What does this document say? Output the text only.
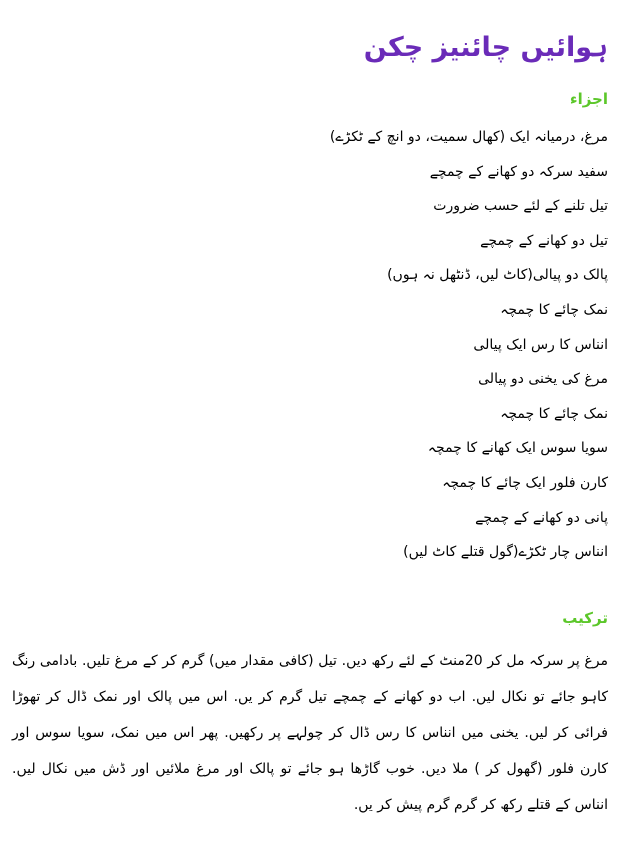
ہوائیں چائنیز چکن
اجزاء
مرغ، درمیانہ ایک (کھال سمیت، دو انچ کے ٹکڑے)
سفید سرکہ دو کھانے کے چمچے
تیل تلنے کے لئے حسب ضرورت
تیل دو کھانے کے چمچے
پالک دو پیالی(کاٹ لیں، ڈنٹھل نہ ہوں)
نمک چائے کا چمچہ
انناس کا رس ایک پیالی
مرغ کی یخنی دو پیالی
نمک چائے کا چمچہ
سویا سوس ایک کھانے کا چمچہ
کارن فلور ایک چائے کا چمچہ
پانی دو کھانے کے چمچے
انناس چار ٹکڑے(گول قتلے کاٹ لیں)
ترکیب

مرغ پر سرکہ مل کر 20منٹ کے لئے رکھ دیں. تیل (کافی مقدار میں) گرم کر کے مرغ تلیں. بادامی رنگ کاہو جائے تو نکال لیں. اب دو کھانے کے چمچے تیل گرم کر یں. اس میں پالک اور نمک ڈال کر تھوڑا فرائی کر لیں. یخنی میں انناس کا رس ڈال کر چولہے پر رکھیں. پھر اس میں نمک، سویا سوس اور کارن فلور (گھول کر ) ملا دیں. خوب گاڑھا ہو جائے تو پالک اور مرغ ملائیں اور ڈش میں نکال لیں. انناس کے قتلے رکھ کر گرم گرم پیش کر یں.
